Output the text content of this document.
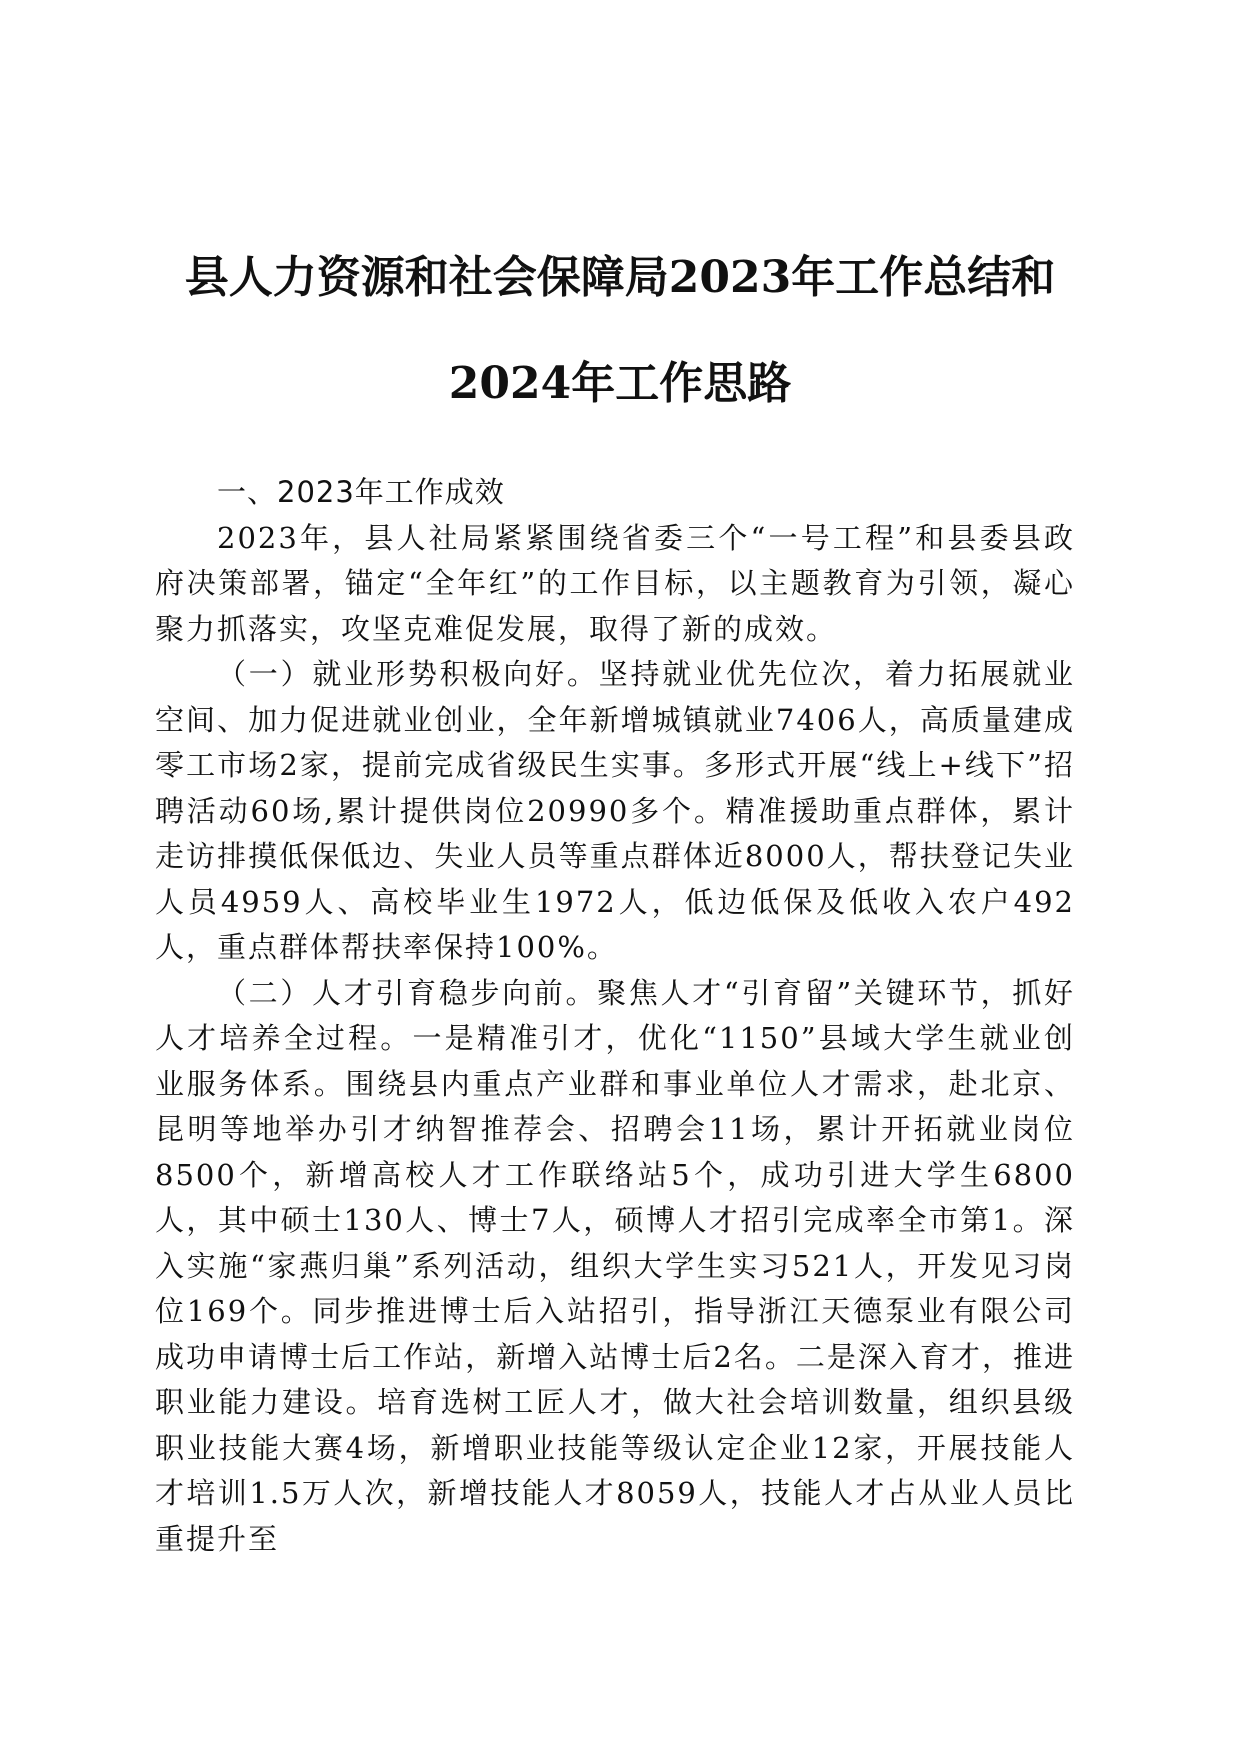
县人力资源和社会保障局2023年工作总结和
2024年工作思路

一、2023年工作成效

2023年，县人社局紧紧围绕省委三个“一号工程”和县委县政府决策部署，锚定“全年红”的工作目标，以主题教育为引领，凝心聚力抓落实，攻坚克难促发展，取得了新的成效。

（一）就业形势积极向好。坚持就业优先位次，着力拓展就业空间、加力促进就业创业，全年新增城镇就业7406人，高质量建成零工市场2家，提前完成省级民生实事。多形式开展“线上+线下”招聘活动60场,累计提供岗位20990多个。精准援助重点群体，累计走访排摸低保低边、失业人员等重点群体近8000人，帮扶登记失业人员4959人、高校毕业生1972人，低边低保及低收入农户492人，重点群体帮扶率保持100%。

（二）人才引育稳步向前。聚焦人才“引育留”关键环节，抓好人才培养全过程。一是精准引才，优化“1150”县域大学生就业创业服务体系。围绕县内重点产业群和事业单位人才需求，赴北京、昆明等地举办引才纳智推荐会、招聘会11场，累计开拓就业岗位8500个，新增高校人才工作联络站5个，成功引进大学生6800人，其中硕士130人、博士7人，硕博人才招引完成率全市第1。深入实施“家燕归巢”系列活动，组织大学生实习521人，开发见习岗位169个。同步推进博士后入站招引，指导浙江天德泵业有限公司成功申请博士后工作站，新增入站博士后2名。二是深入育才，推进职业能力建设。培育选树工匠人才，做大社会培训数量，组织县级职业技能大赛4场，新增职业技能等级认定企业12家，开展技能人才培训1.5万人次，新增技能人才8059人，技能人才占从业人员比重提升至
